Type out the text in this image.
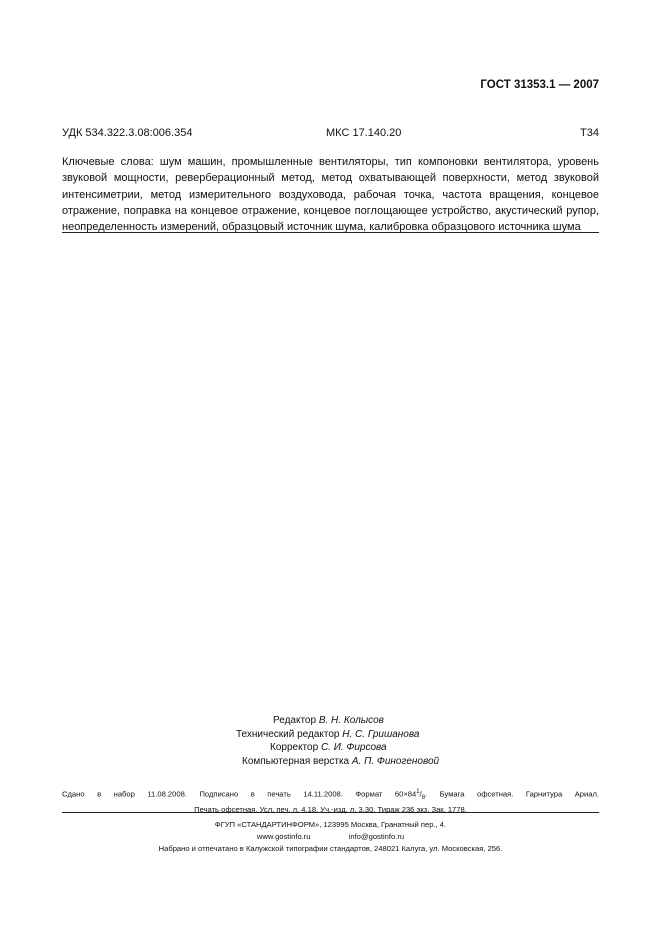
ГОСТ 31353.1 — 2007
УДК 534.322.3.08:006.354	МКС 17.140.20	Т34

Ключевые слова: шум машин, промышленные вентиляторы, тип компоновки вентилятора, уровень звуковой мощности, реверберационный метод, метод охватывающей поверхности, метод звуковой интенсиметрии, метод измерительного воздуховода, рабочая точка, частота вращения, концевое отражение, поправка на концевое отражение, концевое поглощающее устройство, акустический рупор, неопределенность измерений, образцовый источник шума, калибровка образцового источника шума

Редактор В. Н. Колысов
Технический редактор Н. С. Гришанова
Корректор С. И. Фирсова
Компьютерная верстка А. П. Финогеновой
Сдано в набор 11.08.2008. Подписано в печать 14.11.2008. Формат $60\times 84^1/_8$. Бумага офсетная. Гарнитура Ариал.
Печать офсетная. Усл. печ. л. 4,18. Уч.-изд. л. 3,30. Тираж 236 экз. Зак. 1778.
ФГУП «СТАНДАРТИНФОРМ», 123995 Москва, Гранатный пер., 4.
www.gostinfo.ru	info@gostinfo.ru
Набрано и отпечатано в Калужской типографии стандартов, 248021 Калуга, ул. Московская, 256.
